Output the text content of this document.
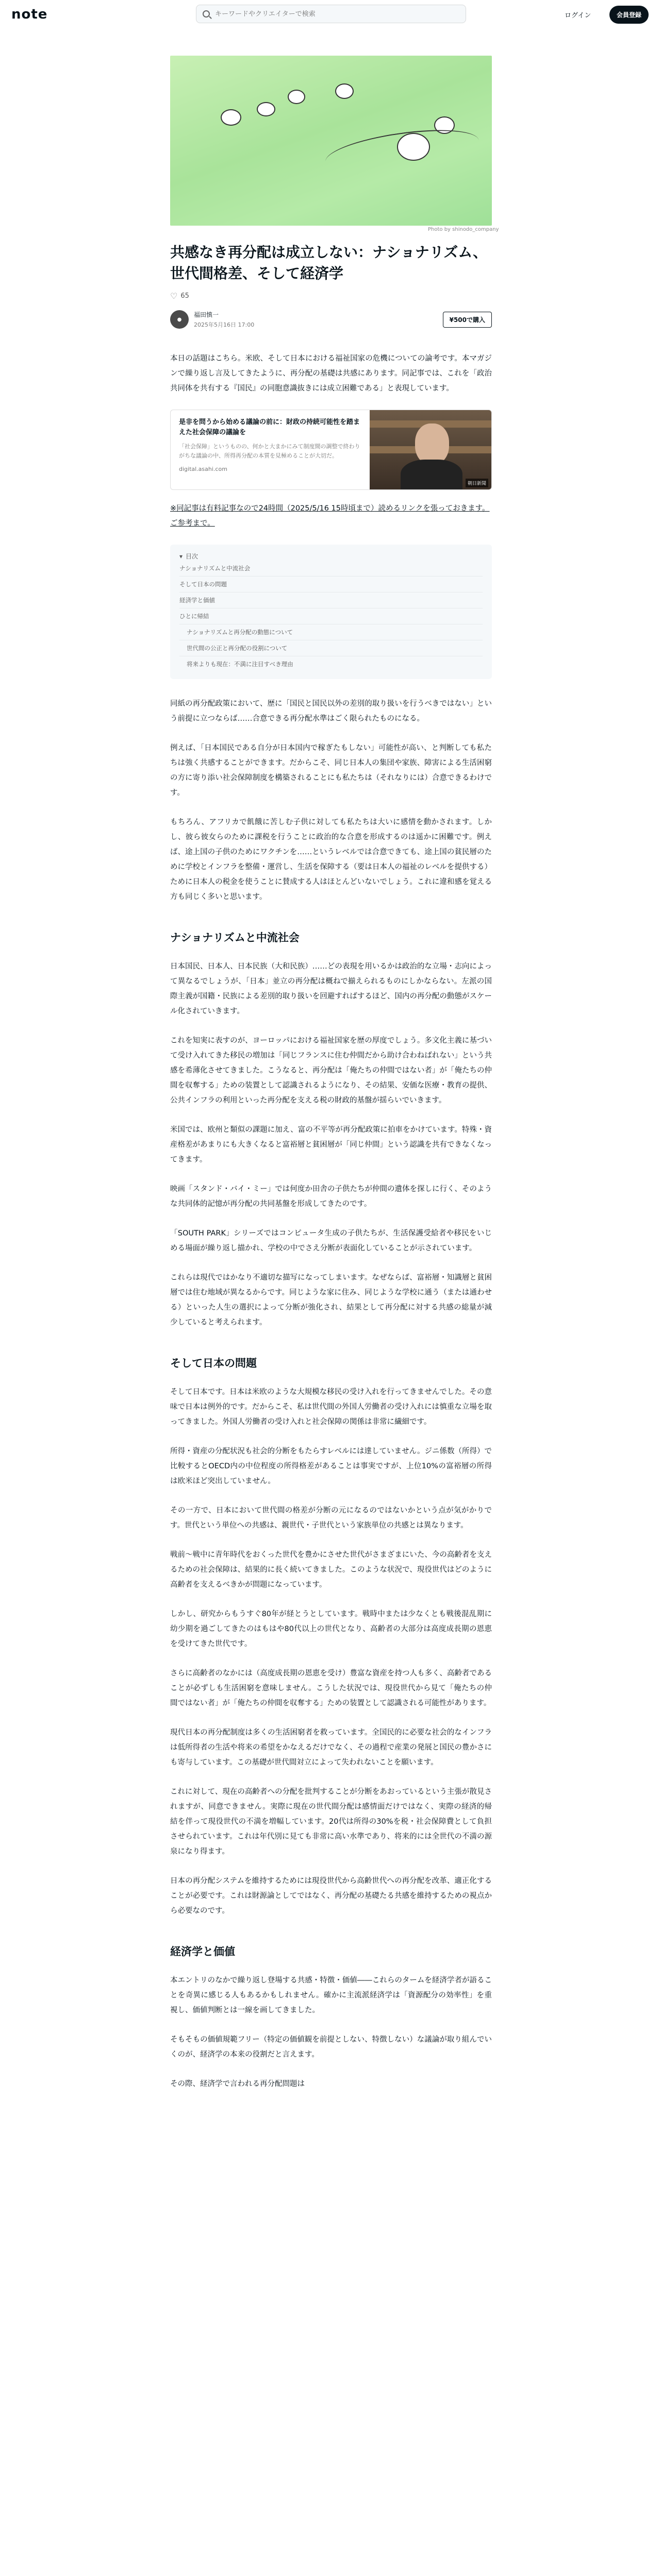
note
キーワードやクリエイターで検索	ログイン	会員登録
Photo by shinodo_company
共感なき再分配は成立しない：ナショナリズム、世代間格差、そして経済学
♡ 65
●
福田慎一
2025年5月16日 17:00
¥500で購入

本日の話題はこちら。米欧、そして日本における福祉国家の危機についての論考です。本マガジンで繰り返し言及してきたように、再分配の基礎は共感にあります。同記事では、これを「政治共同体を共有する『国民』の同胞意識抜きには成立困難である」と表現しています。

是非を問うから始める議論の前に：財政の持続可能性を踏まえた社会保障の議論を
「社会保障」というものの、何かと大まかにみて制度間の調整で終わりがちな議論の中、所得再分配の本質を見極めることが大切だ。
digital.asahi.com
朝日新聞

※同記事は有料記事なので24時間（2025/5/16 15時頃まで）読めるリンクを張っておきます。ご参考まで。

▾ 目次
ナショナリズムと中流社会
そして日本の問題
経済学と価値
ひとに帰結
ナショナリズムと再分配の動態について
世代間の公正と再分配の役割について
将来よりも現在：不満に注目すべき理由

同紙の再分配政策において、歴に「国民と国民以外の差別的取り扱いを行うべきではない」という前提に立つならば……合意できる再分配水準はごく限られたものになる。

例えば、「日本国民である自分が日本国内で稼ぎたもしない」可能性が高い、と判断しても私たちは強く共感することができます。だからこそ、同じ日本人の集団や家族、障害による生活困窮の方に寄り添い社会保障制度を構築されることにも私たちは（それなりには）合意できるわけです。

もちろん、アフリカで飢餓に苦しむ子供に対しても私たちは大いに感情を動かされます。しかし、彼ら彼女らのために課税を行うことに政治的な合意を形成するのは遥かに困難です。例えば、途上国の子供のためにワクチンを……というレベルでは合意できても、途上国の貧民層のために学校とインフラを整備・運営し、生活を保障する（要は日本人の福祉のレベルを提供する）ために日本人の税金を使うことに賛成する人はほとんどいないでしょう。これに違和感を覚える方も同じく多いと思います。

ナショナリズムと中流社会

日本国民、日本人、日本民族（大和民族）……どの表現を用いるかは政治的な立場・志向によって異なるでしょうが、「日本」並立の再分配は概ねで揃えられるものにしかならない。左派の国際主義が国籍・民族による差別的取り扱いを回避すればするほど、国内の再分配の動態がスケール化されていきます。

これを知実に表すのが、ヨーロッパにおける福祉国家を歴の厚度でしょう。多文化主義に基づいて受け入れてきた移民の増加は「同じフランスに住む仲間だから助け合わねばれない」という共感を希薄化させてきました。こうなると、再分配は「俺たちの仲間ではない者」が「俺たちの仲間を収奪する」ための装置として認識されるようになり、その結果、安価な医療・教育の提供、公共インフラの利用といった再分配を支える税の財政的基盤が揺らいでいきます。

米国では、欧州と類似の課題に加え、富の不平等が再分配政策に拍車をかけています。特殊・資産格差があまりにも大きくなると富裕層と貧困層が「同じ仲間」という認識を共有できなくなってきます。

映画「スタンド・バイ・ミー」では何度か田舎の子供たちが仲間の遺体を探しに行く、そのような共同体的記憶が再分配の共同基盤を形成してきたのです。

「SOUTH PARK」シリーズではコンピュータ生成の子供たちが、生活保護受給者や移民をいじめる場面が繰り返し描かれ、学校の中でさえ分断が表面化していることが示されています。

これらは現代ではかなり不適切な描写になってしまいます。なぜならば、富裕層・知識層と貧困層では住む地域が異なるからです。同じような家に住み、同じような学校に通う（または通わせる）といった人生の選択によって分断が強化され、結果として再分配に対する共感の総量が減少していると考えられます。

そして日本の問題

そして日本です。日本は米欧のような大規模な移民の受け入れを行ってきませんでした。その意味で日本は例外的です。だからこそ、私は世代間の外国人労働者の受け入れには慎重な立場を取ってきました。外国人労働者の受け入れと社会保障の関係は非常に繊細です。

所得・資産の分配状況も社会的分断をもたらすレベルには達していません。ジニ係数（所得）で比較するとOECD内の中位程度の所得格差があることは事実ですが、上位10%の富裕層の所得は欧米ほど突出していません。

その一方で、日本において世代間の格差が分断の元になるのではないかという点が気がかりです。世代という単位への共感は、親世代・子世代という家族単位の共感とは異なります。

戦前〜戦中に青年時代をおくった世代を豊かにさせた世代がさまざまにいた、今の高齢者を支えるための社会保障は、結果的に長く続いてきました。このような状況で、現役世代はどのように高齢者を支えるべきかが問題になっています。

しかし、研究からもうすぐ80年が経とうとしています。戦時中または少なくとも戦後混乱期に幼少期を過ごしてきたのはもはや80代以上の世代となり、高齢者の大部分は高度成長期の恩恵を受けてきた世代です。

さらに高齢者のなかには（高度成長期の恩恵を受け）豊富な資産を持つ人も多く、高齢者であることが必ずしも生活困窮を意味しません。こうした状況では、現役世代から見て「俺たちの仲間ではない者」が「俺たちの仲間を収奪する」ための装置として認識される可能性があります。

現代日本の再分配制度は多くの生活困窮者を救っています。全国民的に必要な社会的なインフラは低所得者の生活や将来の希望をかなえるだけでなく、その過程で産業の発展と国民の豊かさにも寄与しています。この基礎が世代間対立によって失われないことを願います。

これに対して、現在の高齢者への分配を批判することが分断をあおっているという主張が散見されますが、同意できません。実際に現在の世代間分配は感情面だけではなく、実際の経済的帰結を伴って現役世代の不満を増幅しています。20代は所得の30%を税・社会保障費として負担させられています。これは年代別に見ても非常に高い水準であり、将来的には全世代の不満の源泉になり得ます。

日本の再分配システムを維持するためには現役世代から高齢世代への再分配を改革、適正化することが必要です。これは財源論としてではなく、再分配の基礎たる共感を維持するための視点から必要なのです。

経済学と価値

本エントリのなかで繰り返し登場する共感・特徴・価値――これらのタームを経済学者が語ることを奇異に感じる人もあるかもしれません。確かに主流派経済学は「資源配分の効率性」を重視し、価値判断とは一線を画してきました。

そもそもの価値規範フリー（特定の価値観を前提としない、特徴しない）な議論が取り組んでいくのが、経済学の本来の役割だと言えます。

その際、経済学で言われる再分配問題は
